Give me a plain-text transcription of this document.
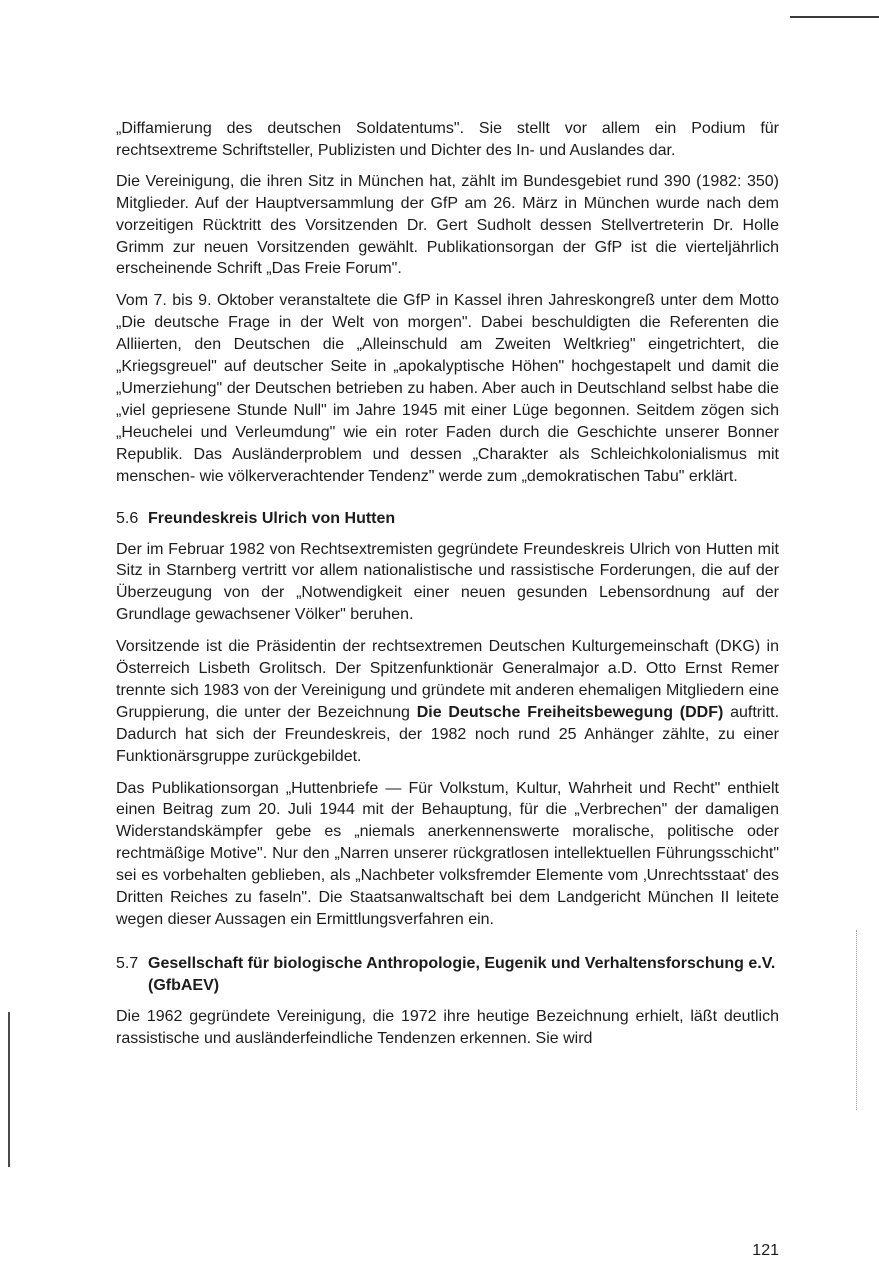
„Diffamierung des deutschen Soldatentums". Sie stellt vor allem ein Podium für rechtsextreme Schriftsteller, Publizisten und Dichter des In- und Auslandes dar.

Die Vereinigung, die ihren Sitz in München hat, zählt im Bundesgebiet rund 390 (1982: 350) Mitglieder. Auf der Hauptversammlung der GfP am 26. März in München wurde nach dem vorzeitigen Rücktritt des Vorsitzenden Dr. Gert Sudholt dessen Stellvertreterin Dr. Holle Grimm zur neuen Vorsitzenden gewählt. Publikationsorgan der GfP ist die vierteljährlich erscheinende Schrift „Das Freie Forum".

Vom 7. bis 9. Oktober veranstaltete die GfP in Kassel ihren Jahreskongreß unter dem Motto „Die deutsche Frage in der Welt von morgen". Dabei beschuldigten die Referenten die Alliierten, den Deutschen die „Alleinschuld am Zweiten Weltkrieg" eingetrichtert, die „Kriegsgreuel" auf deutscher Seite in „apokalyptische Höhen" hochgestapelt und damit die „Umerziehung" der Deutschen betrieben zu haben. Aber auch in Deutschland selbst habe die „viel gepriesene Stunde Null" im Jahre 1945 mit einer Lüge begonnen. Seitdem zögen sich „Heuchelei und Verleumdung" wie ein roter Faden durch die Geschichte unserer Bonner Republik. Das Ausländerproblem und dessen „Charakter als Schleichkolonialismus mit menschen- wie völkerverachtender Tendenz" werde zum „demokratischen Tabu" erklärt.

5.6 Freundeskreis Ulrich von Hutten

Der im Februar 1982 von Rechtsextremisten gegründete Freundeskreis Ulrich von Hutten mit Sitz in Starnberg vertritt vor allem nationalistische und rassistische Forderungen, die auf der Überzeugung von der „Notwendigkeit einer neuen gesunden Lebensordnung auf der Grundlage gewachsener Völker" beruhen.

Vorsitzende ist die Präsidentin der rechtsextremen Deutschen Kulturgemeinschaft (DKG) in Österreich Lisbeth Grolitsch. Der Spitzenfunktionär Generalmajor a.D. Otto Ernst Remer trennte sich 1983 von der Vereinigung und gründete mit anderen ehemaligen Mitgliedern eine Gruppierung, die unter der Bezeichnung Die Deutsche Freiheitsbewegung (DDF) auftritt. Dadurch hat sich der Freundeskreis, der 1982 noch rund 25 Anhänger zählte, zu einer Funktionärsgruppe zurückgebildet.

Das Publikationsorgan „Huttenbriefe — Für Volkstum, Kultur, Wahrheit und Recht" enthielt einen Beitrag zum 20. Juli 1944 mit der Behauptung, für die „Verbrechen" der damaligen Widerstandskämpfer gebe es „niemals anerkennenswerte moralische, politische oder rechtmäßige Motive". Nur den „Narren unserer rückgratlosen intellektuellen Führungsschicht" sei es vorbehalten geblieben, als „Nachbeter volksfremder Elemente vom ‚Unrechtsstaat' des Dritten Reiches zu faseln". Die Staatsanwaltschaft bei dem Landgericht München II leitete wegen dieser Aussagen ein Ermittlungsverfahren ein.

5.7 Gesellschaft für biologische Anthropologie, Eugenik und Verhaltensforschung e.V. (GfbAEV)

Die 1962 gegründete Vereinigung, die 1972 ihre heutige Bezeichnung erhielt, läßt deutlich rassistische und ausländerfeindliche Tendenzen erkennen. Sie wird

121
